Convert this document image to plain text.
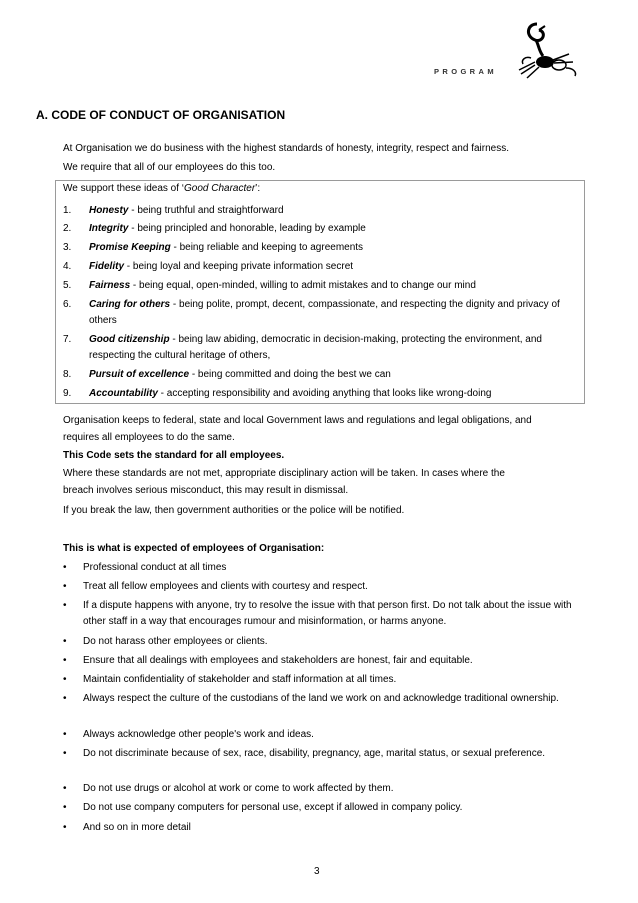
PROGRAM
A. CODE OF CONDUCT OF ORGANISATION
At Organisation we do business with the highest standards of honesty, integrity, respect and fairness.
We require that all of our employees do this too.
We support these ideas of ‘Good Character’:
1.	Honesty - being truthful and straightforward
2.	Integrity - being principled and honorable, leading by example
3.	Promise Keeping - being reliable and keeping to agreements
4.	Fidelity - being loyal and keeping private information secret
5.	Fairness - being equal, open-minded, willing to admit mistakes and to change our mind
6.	Caring for others - being polite, prompt, decent, compassionate, and respecting the dignity and privacy of others
7.	Good citizenship - being law abiding, democratic in decision-making, protecting the environment, and respecting the cultural heritage of others,
8.	Pursuit of excellence - being committed and doing the best we can
9.	Accountability - accepting responsibility and avoiding anything that looks like wrong-doing
Organisation keeps to federal, state and local Government laws and regulations and legal obligations, and
requires all employees to do the same.
This Code sets the standard for all employees.
Where these standards are not met, appropriate disciplinary action will be taken. In cases where the
breach involves serious misconduct, this may result in dismissal.
If you break the law, then government authorities or the police will be notified.
This is what is expected of employees of Organisation:
• Professional conduct at all times
• Treat all fellow employees and clients with courtesy and respect.
• If a dispute happens with anyone, try to resolve the issue with that person first. Do not talk about the issue with other staff in a way that encourages rumour and misinformation, or harms anyone.
• Do not harass other employees or clients.
• Ensure that all dealings with employees and stakeholders are honest, fair and equitable.
• Maintain confidentiality of stakeholder and staff information at all times.
• Always respect the culture of the custodians of the land we work on and acknowledge traditional ownership.
• Always acknowledge other people's work and ideas.
• Do not discriminate because of sex, race, disability, pregnancy, age, marital status, or sexual preference.
• Do not use drugs or alcohol at work or come to work affected by them.
• Do not use company computers for personal use, except if allowed in company policy.
• And so on in more detail
3
